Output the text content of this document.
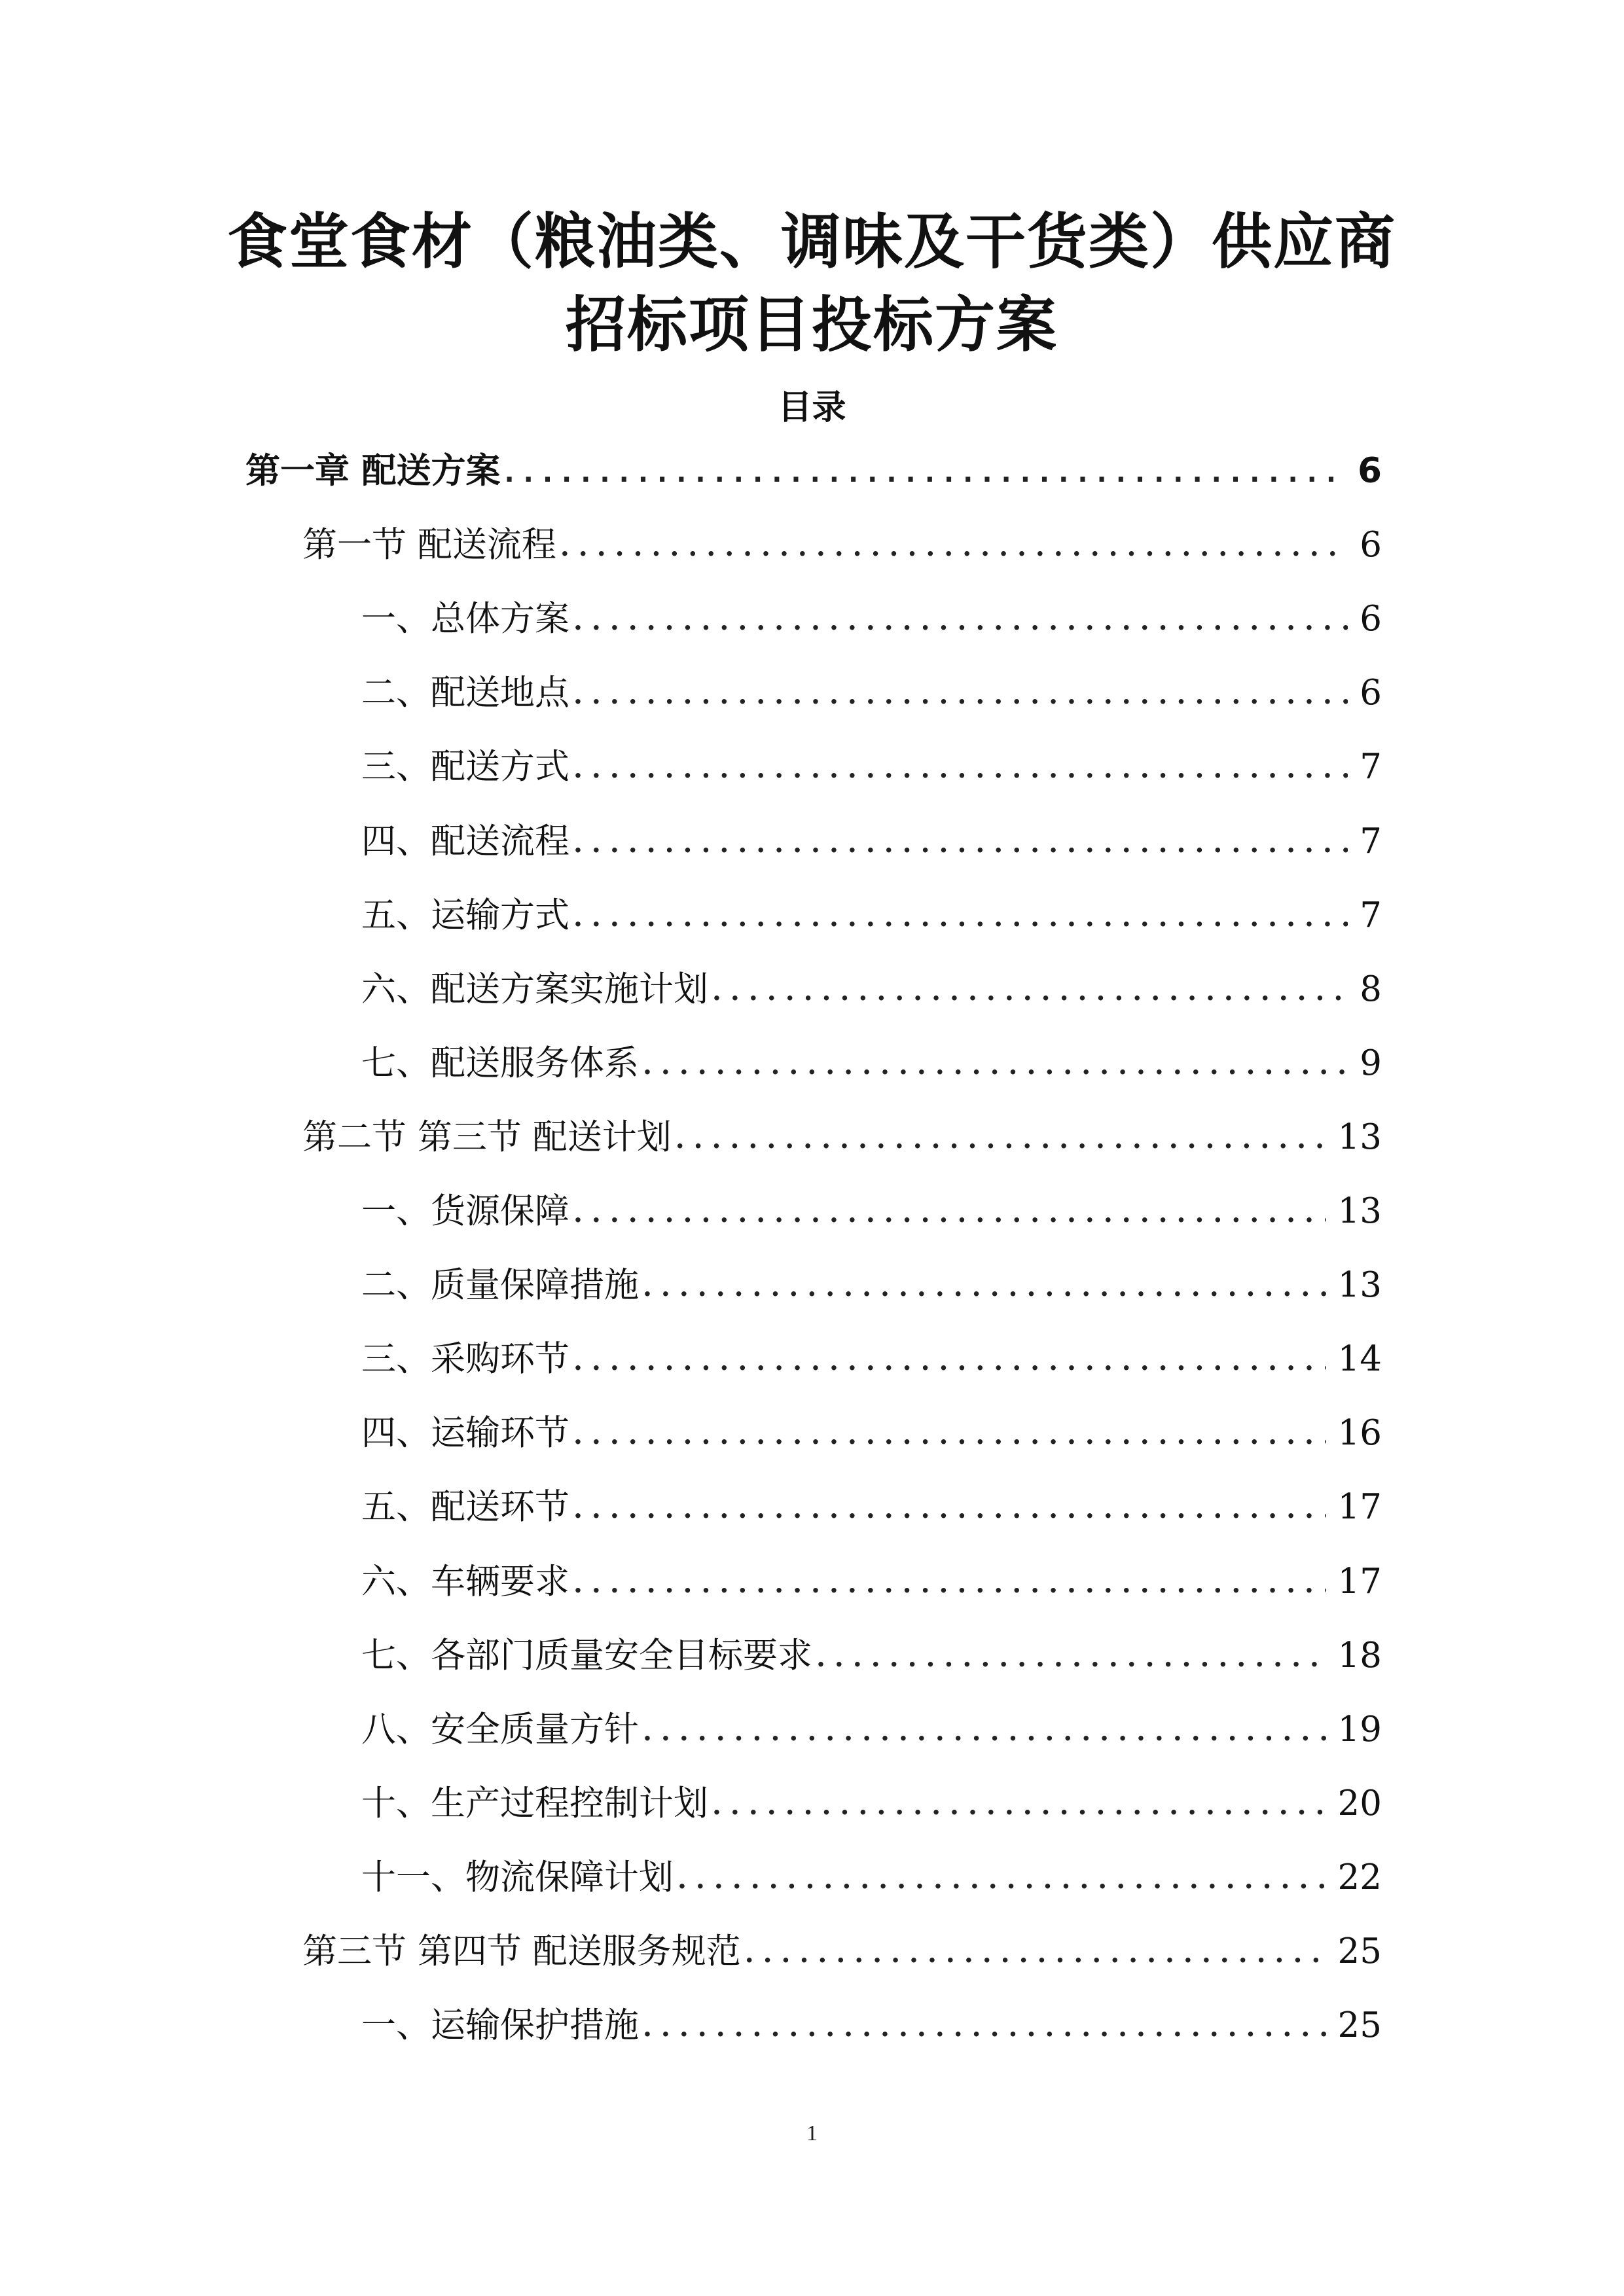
食堂食材（粮油类、调味及干货类）供应商
招标项目投标方案
目录
第一章 配送方案 .....	6
第一节 配送流程 .....	6
一、总体方案 .....	6
二、配送地点 .....	6
三、配送方式 .....	7
四、配送流程 .....	7
五、运输方式 .....	7
六、配送方案实施计划 .....	8
七、配送服务体系 .....	9
第二节 第三节 配送计划 .....	13
一、货源保障 .....	13
二、质量保障措施 .....	13
三、采购环节 .....	14
四、运输环节 .....	16
五、配送环节 .....	17
六、车辆要求 .....	17
七、各部门质量安全目标要求 .....	18
八、安全质量方针 .....	19
十、生产过程控制计划 .....	20
十一、物流保障计划 .....	22
第三节 第四节 配送服务规范 .....	25
一、运输保护措施 .....	25
1
